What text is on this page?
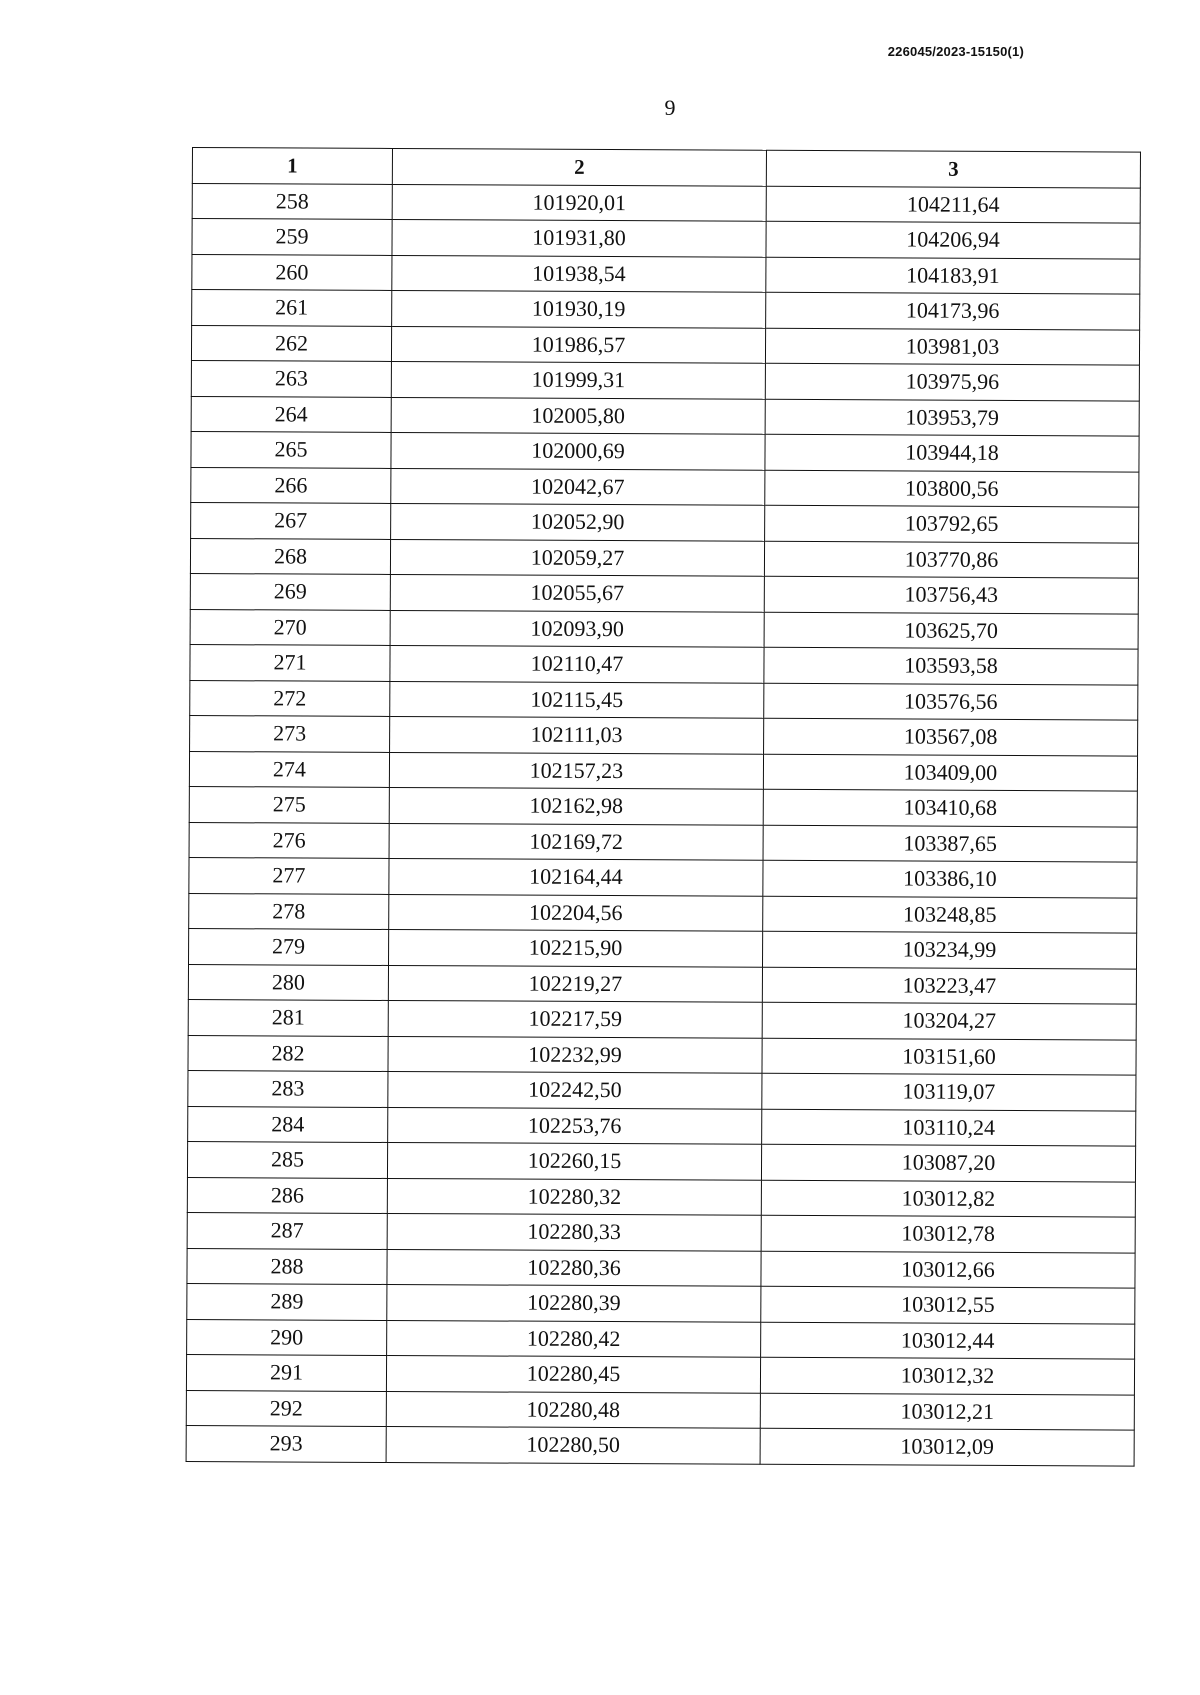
226045/2023-15150(1)
9
1	2	3
258	101920,01	104211,64
259	101931,80	104206,94
260	101938,54	104183,91
261	101930,19	104173,96
262	101986,57	103981,03
263	101999,31	103975,96
264	102005,80	103953,79
265	102000,69	103944,18
266	102042,67	103800,56
267	102052,90	103792,65
268	102059,27	103770,86
269	102055,67	103756,43
270	102093,90	103625,70
271	102110,47	103593,58
272	102115,45	103576,56
273	102111,03	103567,08
274	102157,23	103409,00
275	102162,98	103410,68
276	102169,72	103387,65
277	102164,44	103386,10
278	102204,56	103248,85
279	102215,90	103234,99
280	102219,27	103223,47
281	102217,59	103204,27
282	102232,99	103151,60
283	102242,50	103119,07
284	102253,76	103110,24
285	102260,15	103087,20
286	102280,32	103012,82
287	102280,33	103012,78
288	102280,36	103012,66
289	102280,39	103012,55
290	102280,42	103012,44
291	102280,45	103012,32
292	102280,48	103012,21
293	102280,50	103012,09
